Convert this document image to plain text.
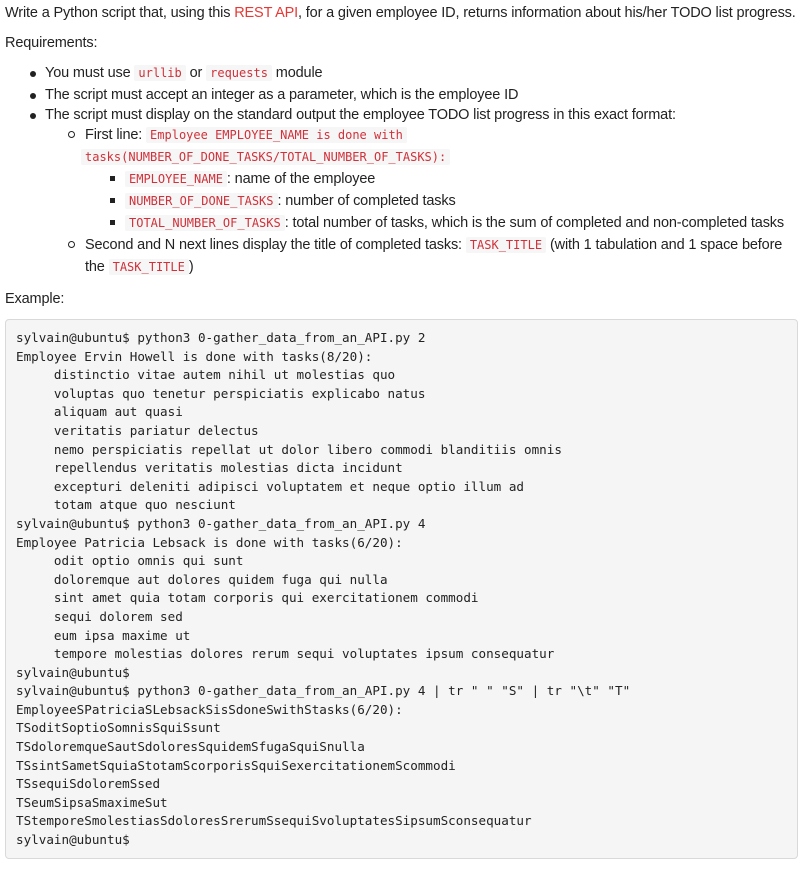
Write a Python script that, using this REST API, for a given employee ID, returns information about his/her TODO list progress.
Requirements:
You must use urllib or requests module
The script must accept an integer as a parameter, which is the employee ID
The script must display on the standard output the employee TODO list progress in this exact format:
First line: Employee EMPLOYEE_NAME is done with
tasks(NUMBER_OF_DONE_TASKS/TOTAL_NUMBER_OF_TASKS):
EMPLOYEE_NAME : name of the employee
NUMBER_OF_DONE_TASKS : number of completed tasks
TOTAL_NUMBER_OF_TASKS : total number of tasks, which is the sum of completed and non-completed tasks
Second and N next lines display the title of completed tasks: TASK_TITLE (with 1 tabulation and 1 space before
the TASK_TITLE )
Example:
sylvain@ubuntu$ python3 0-gather_data_from_an_API.py 2
Employee Ervin Howell is done with tasks(8/20):
distinctio vitae autem nihil ut molestias quo
voluptas quo tenetur perspiciatis explicabo natus
aliquam aut quasi
veritatis pariatur delectus
nemo perspiciatis repellat ut dolor libero commodi blanditiis omnis
repellendus veritatis molestias dicta incidunt
excepturi deleniti adipisci voluptatem et neque optio illum ad
totam atque quo nesciunt
sylvain@ubuntu$ python3 0-gather_data_from_an_API.py 4
Employee Patricia Lebsack is done with tasks(6/20):
odit optio omnis qui sunt
doloremque aut dolores quidem fuga qui nulla
sint amet quia totam corporis qui exercitationem commodi
sequi dolorem sed
eum ipsa maxime ut
tempore molestias dolores rerum sequi voluptates ipsum consequatur
sylvain@ubuntu$
sylvain@ubuntu$ python3 0-gather_data_from_an_API.py 4 | tr " " "S" | tr "\t" "T"
EmployeeSPatriciaSLebsackSisSdoneSwithStasks(6/20):
TSoditSoptioSomnisSquiSsunt
TSdoloremqueSautSdoloresSquidemSfugaSquiSnulla
TSsintSametSquiaStotamScorporisSquiSexercitationemScommodi
TSsequiSdoloremSsed
TSeumSipsaSmaximeSut
TStemporeSmolestiasSdoloresSrerumSsequiSvoluptatesSipsumSconsequatur
sylvain@ubuntu$
